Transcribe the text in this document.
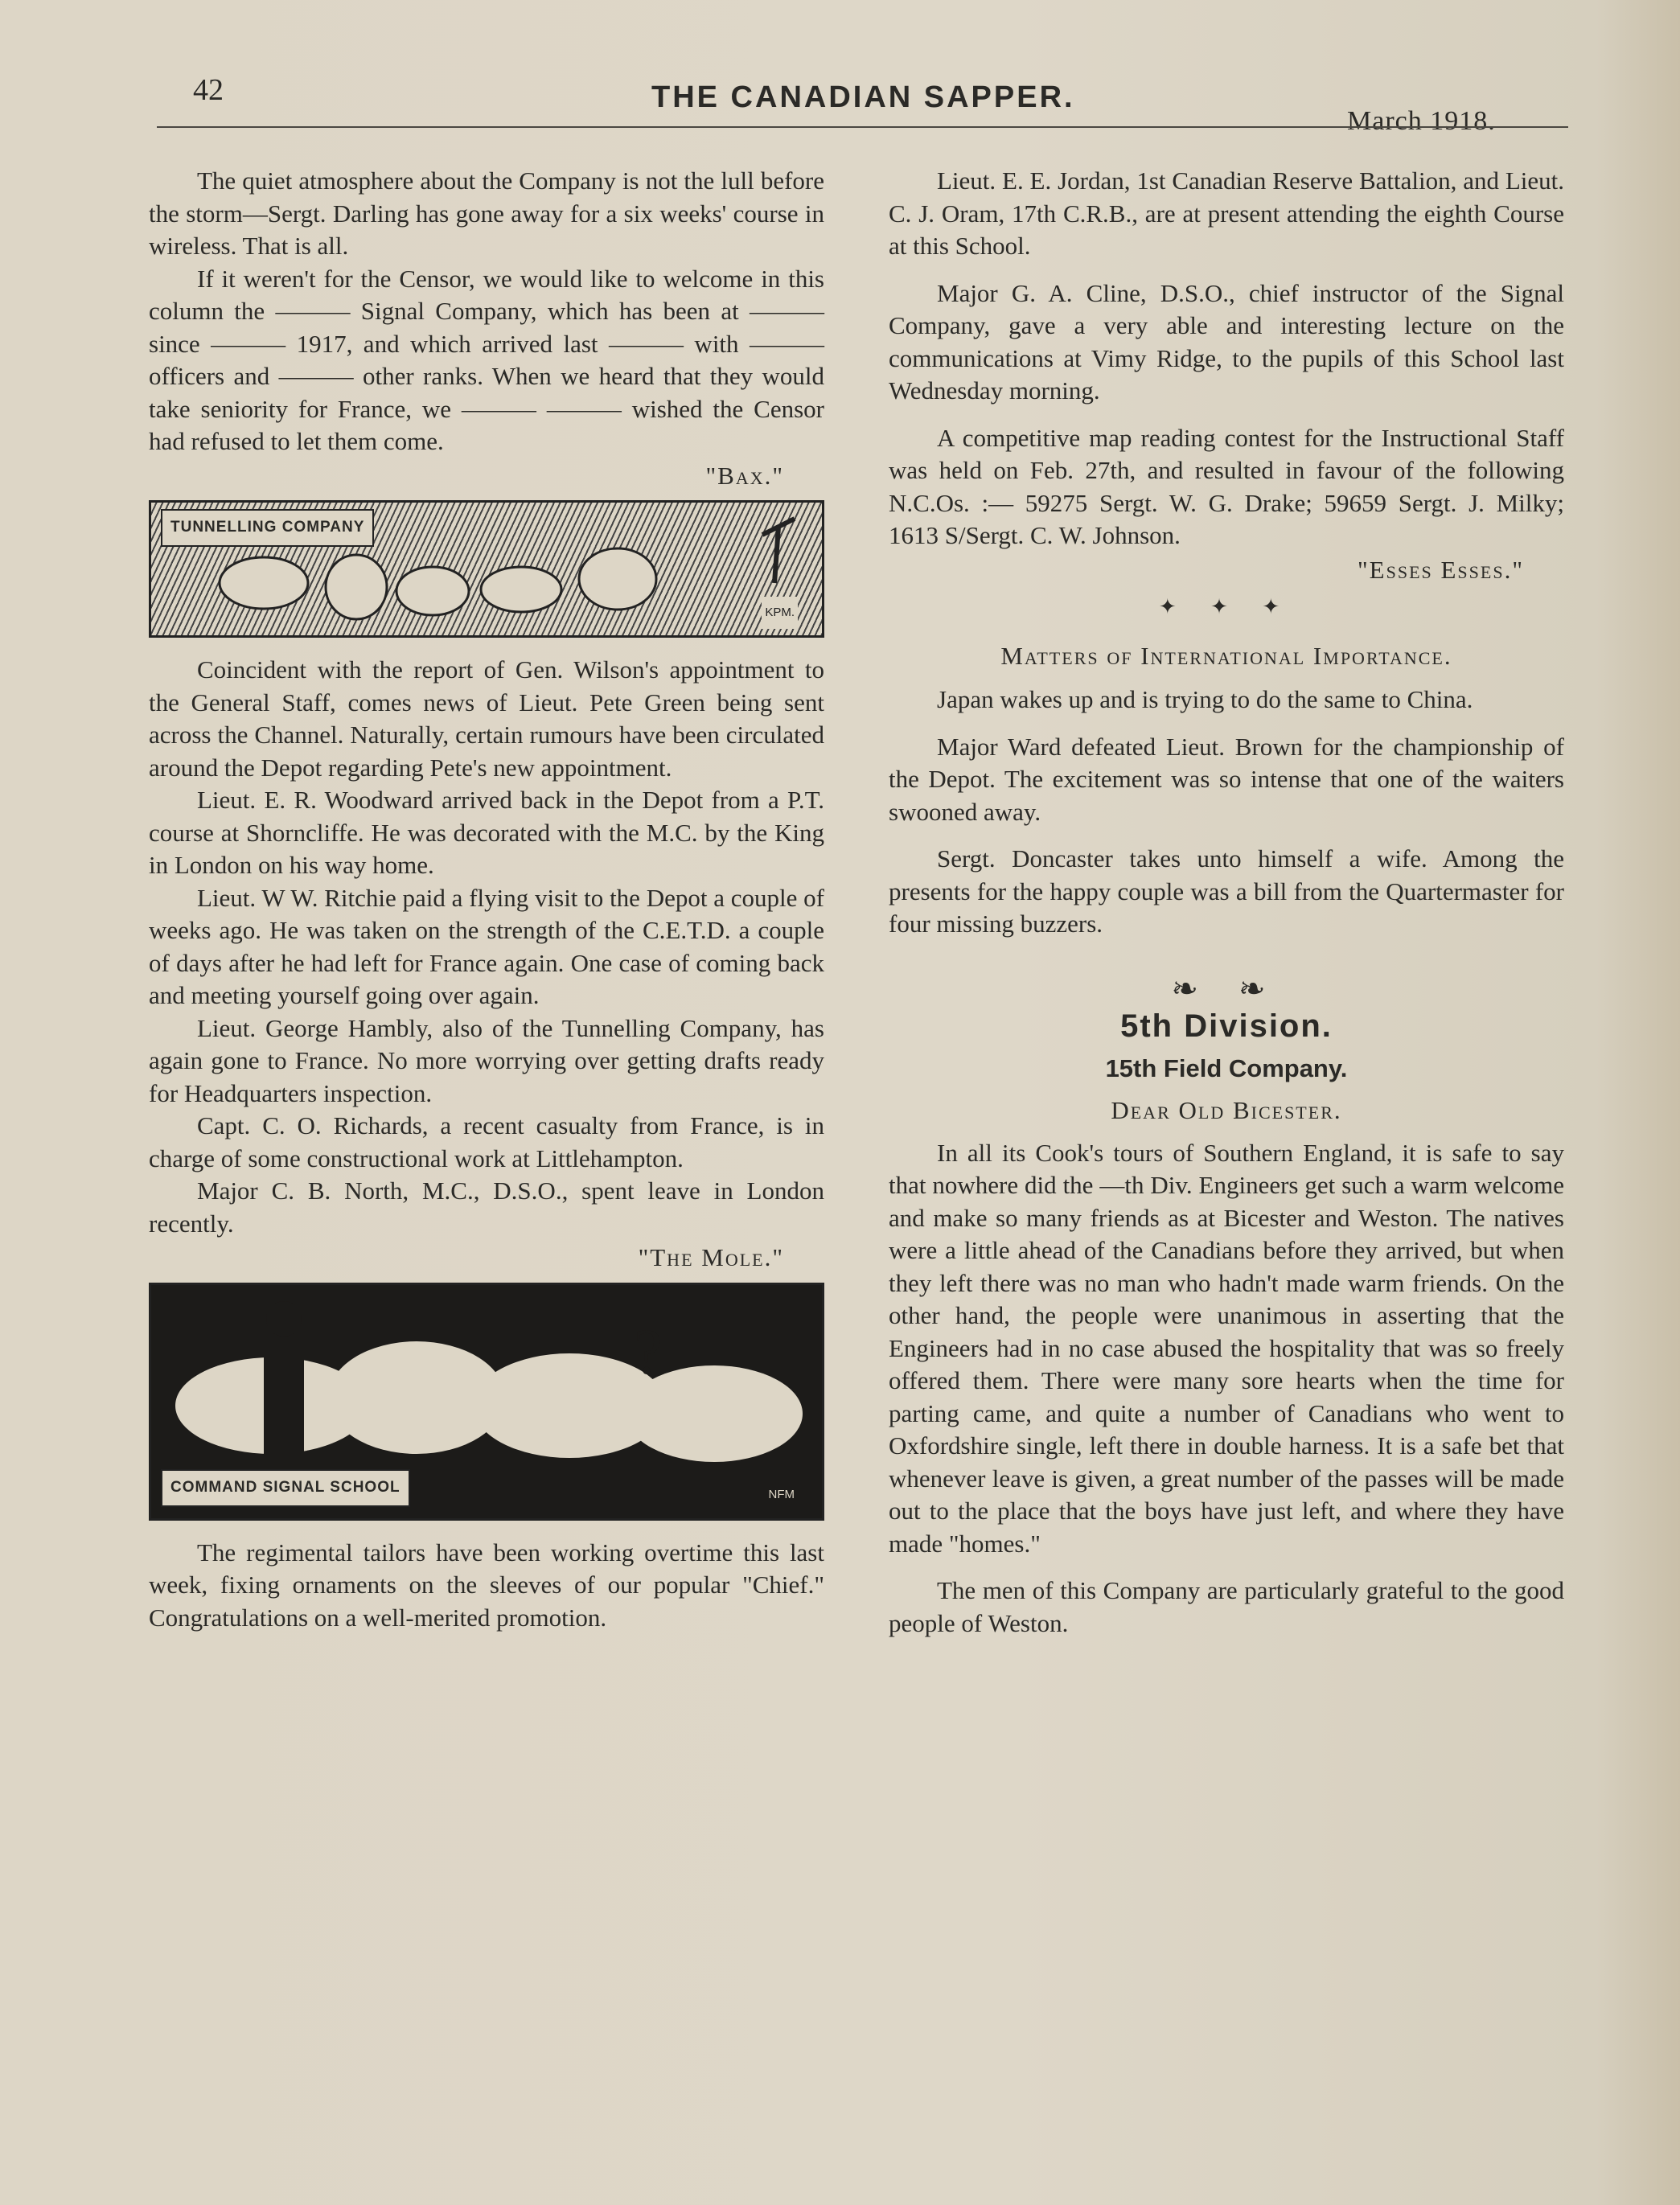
42	THE CANADIAN SAPPER.
March 1918.

The quiet atmosphere about the Company is not the lull before the storm—Sergt. Darling has gone away for a six weeks' course in wireless. That is all.

If it weren't for the Censor, we would like to welcome in this column the ——— Signal Company, which has been at ——— since ——— 1917, and which arrived last ——— with ——— officers and ——— other ranks. When we heard that they would take seniority for France, we ——— ——— wished the Censor had refused to let them come.

"Bax."
TUNNELLING COMPANY
KPM.

Coincident with the report of Gen. Wilson's appointment to the General Staff, comes news of Lieut. Pete Green being sent across the Channel. Naturally, certain rumours have been circulated around the Depot regarding Pete's new appointment.

Lieut. E. R. Woodward arrived back in the Depot from a P.T. course at Shorncliffe. He was decorated with the M.C. by the King in London on his way home.

Lieut. W W. Ritchie paid a flying visit to the Depot a couple of weeks ago. He was taken on the strength of the C.E.T.D. a couple of days after he had left for France again. One case of coming back and meeting yourself going over again.

Lieut. George Hambly, also of the Tunnelling Company, has again gone to France. No more worrying over getting drafts ready for Headquarters inspection.

Capt. C. O. Richards, a recent casualty from France, is in charge of some constructional work at Littlehampton.

Major C. B. North, M.C., D.S.O., spent leave in London recently.

"The Mole."
?
COMMAND SIGNAL SCHOOL	NFM

The regimental tailors have been working overtime this last week, fixing ornaments on the sleeves of our popular "Chief." Congratulations on a well-merited promotion.

Lieut. E. E. Jordan, 1st Canadian Reserve Battalion, and Lieut. C. J. Oram, 17th C.R.B., are at present attending the eighth Course at this School.

Major G. A. Cline, D.S.O., chief instructor of the Signal Company, gave a very able and interesting lecture on the communications at Vimy Ridge, to the pupils of this School last Wednesday morning.

A competitive map reading contest for the Instructional Staff was held on Feb. 27th, and resulted in favour of the following N.C.Os. :— 59275 Sergt. W. G. Drake; 59659 Sergt. J. Milky; 1613 S/Sergt. C. W. Johnson.

"Esses Esses."
✦ ✦ ✦
Matters of International Importance.

Japan wakes up and is trying to do the same to China.

Major Ward defeated Lieut. Brown for the championship of the Depot. The excitement was so intense that one of the waiters swooned away.

Sergt. Doncaster takes unto himself a wife. Among the presents for the happy couple was a bill from the Quartermaster for four missing buzzers.

❧ ❧
5th Division.
15th Field Company.
Dear Old Bicester.

In all its Cook's tours of Southern England, it is safe to say that nowhere did the —th Div. Engineers get such a warm welcome and make so many friends as at Bicester and Weston. The natives were a little ahead of the Canadians before they arrived, but when they left there was no man who hadn't made warm friends. On the other hand, the people were unanimous in asserting that the Engineers had in no case abused the hospitality that was so freely offered them. There were many sore hearts when the time for parting came, and quite a number of Canadians who went to Oxfordshire single, left there in double harness. It is a safe bet that whenever leave is given, a great number of the passes will be made out to the place that the boys have just left, and where they have made "homes."

The men of this Company are particularly grateful to the good people of Weston.
